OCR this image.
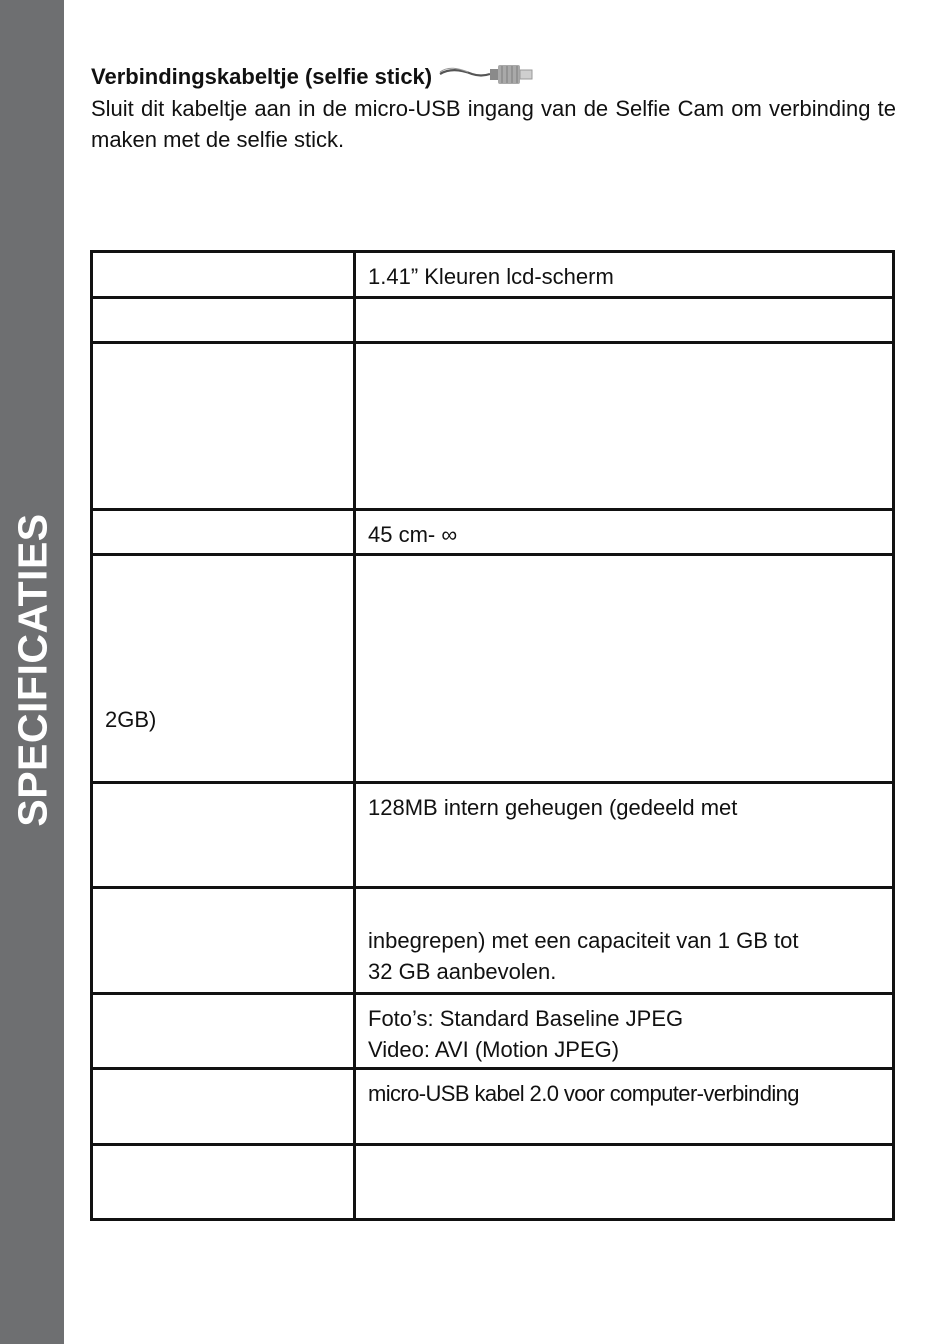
SPECIFICATIES
Verbindingskabeltje (selfie stick)
Sluit dit kabeltje aan in de micro-USB ingang van de Selfie Cam om verbinding te maken met de selfie stick.

	1.41” Kleuren lcd-scherm

	45 cm- ∞

2GB)	

	128MB intern geheugen (gedeeld met

	inbegrepen) met een capaciteit van 1 GB tot
32 GB aanbevolen.

	Foto’s: Standard Baseline JPEG
Video: AVI (Motion JPEG)

	micro-USB kabel 2.0 voor computer-verbinding
